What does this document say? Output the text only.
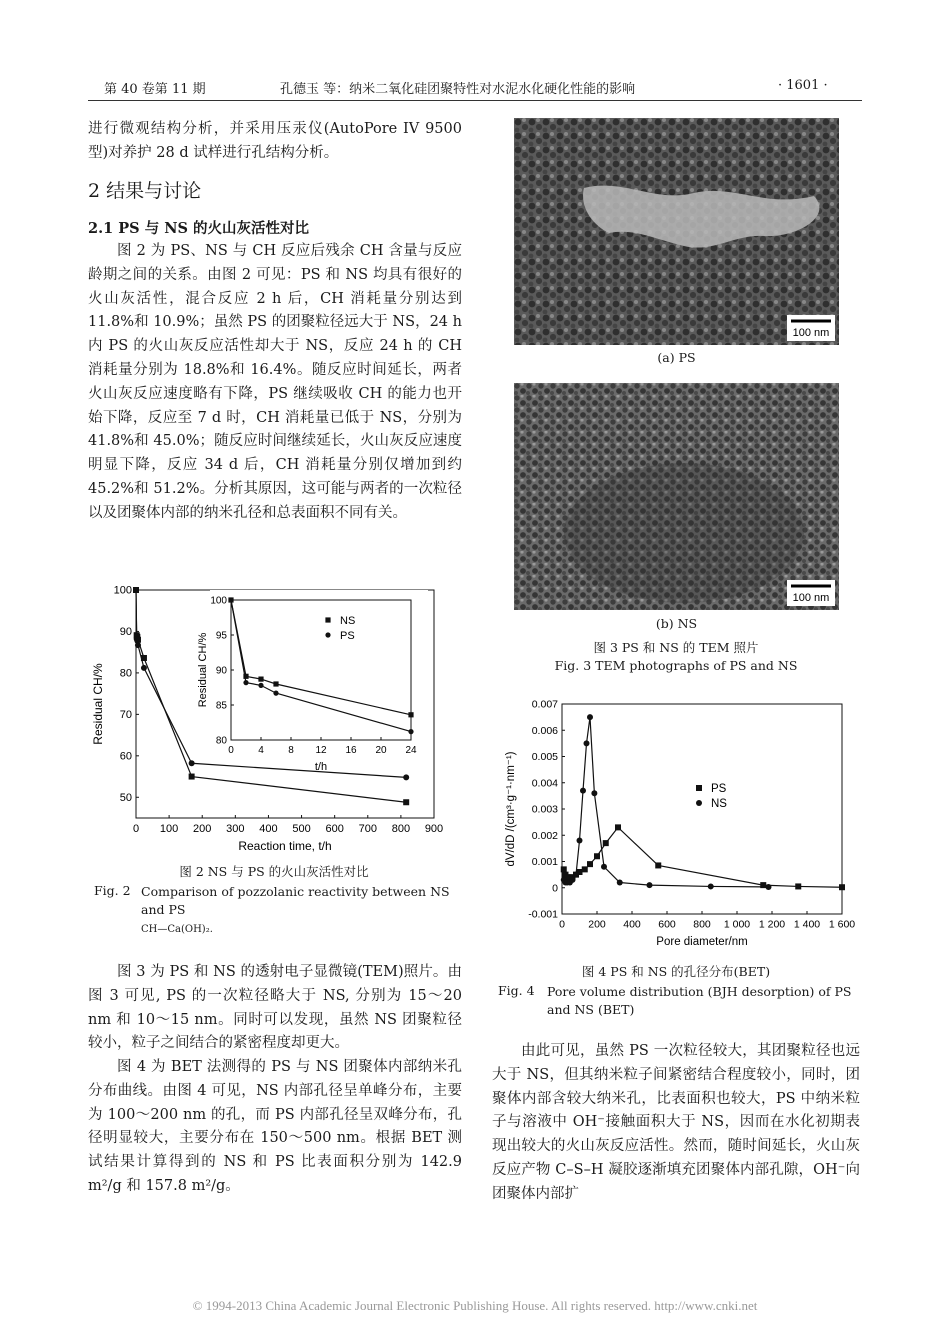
第 40 卷第 11 期	孔德玉 等：纳米二氧化硅团聚特性对水泥水化硬化性能的影响	· 1601 ·

进行微观结构分析，并采用压汞仪(AutoPore IV 9500 型)对养护 28 d 试样进行孔结构分析。

2 结果与讨论
2.1 PS 与 NS 的火山灰活性对比

图 2 为 PS、NS 与 CH 反应后残余 CH 含量与反应龄期之间的关系。由图 2 可见：PS 和 NS 均具有很好的火山灰活性，混合反应 2 h 后，CH 消耗量分别达到 11.8%和 10.9%；虽然 PS 的团聚粒径远大于 NS，24 h 内 PS 的火山灰反应活性却大于 NS，反应 24 h 的 CH 消耗量分别为 18.8%和 16.4%。随反应时间延长，两者火山灰反应速度略有下降，PS 继续吸收 CH 的能力也开始下降，反应至 7 d 时，CH 消耗量已低于 NS，分别为 41.8%和 45.0%；随反应时间继续延长，火山灰反应速度明显下降，反应 34 d 后，CH 消耗量分别仅增加到约 45.2%和 51.2%。分析其原因，这可能与两者的一次粒径以及团聚体内部的纳米孔径和总表面积不同有关。

0 100 200 300 400 500 600 700 800 900
50
60
70
80
90
100
Reaction time, t/h
Residual CH/%
0 4 8 12 16 20 24
80
85
90
95
100
t/h
Residual CH/%
NS
PS
图 2 NS 与 PS 的火山灰活性对比
Fig. 2 Comparison of pozzolanic reactivity between NS and PS
CH—Ca(OH)₂.

图 3 为 PS 和 NS 的透射电子显微镜(TEM)照片。由图 3 可见, PS 的一次粒径略大于 NS, 分别为 15～20 nm 和 10～15 nm。同时可以发现，虽然 NS 团聚粒径较小，粒子之间结合的紧密程度却更大。

图 4 为 BET 法测得的 PS 与 NS 团聚体内部纳米孔分布曲线。由图 4 可见，NS 内部孔径呈单峰分布，主要为 100～200 nm 的孔，而 PS 内部孔径呈双峰分布，孔径明显较大，主要分布在 150～500 nm。根据 BET 测试结果计算得到的 NS 和 PS 比表面积分别为 142.9 m²/g 和 157.8 m²/g。

100 nm
(a) PS
100 nm
(b) NS
图 3 PS 和 NS 的 TEM 照片
Fig. 3 TEM photographs of PS and NS
0 200 400 600 800 1 000 1 200 1 400 1 600
-0.001
0
0.001
0.002
0.003
0.004
0.005
0.006
0.007
Pore diameter/nm
dV/dD /(cm³·g⁻¹·nm⁻¹)	PS
NS
图 4 PS 和 NS 的孔径分布(BET)
Fig. 4 Pore volume distribution (BJH desorption) of PS and NS (BET)

由此可见，虽然 PS 一次粒径较大，其团聚粒径也远大于 NS，但其纳米粒子间紧密结合程度较小，同时，团聚体内部含较大纳米孔，比表面积也较大，PS 中纳米粒子与溶液中 OH⁻接触面积大于 NS，因而在水化初期表现出较大的火山灰反应活性。然而，随时间延长，火山灰反应产物 C–S–H 凝胶逐渐填充团聚体内部孔隙，OH⁻向团聚体内部扩

© 1994-2013 China Academic Journal Electronic Publishing House. All rights reserved. http://www.cnki.net
